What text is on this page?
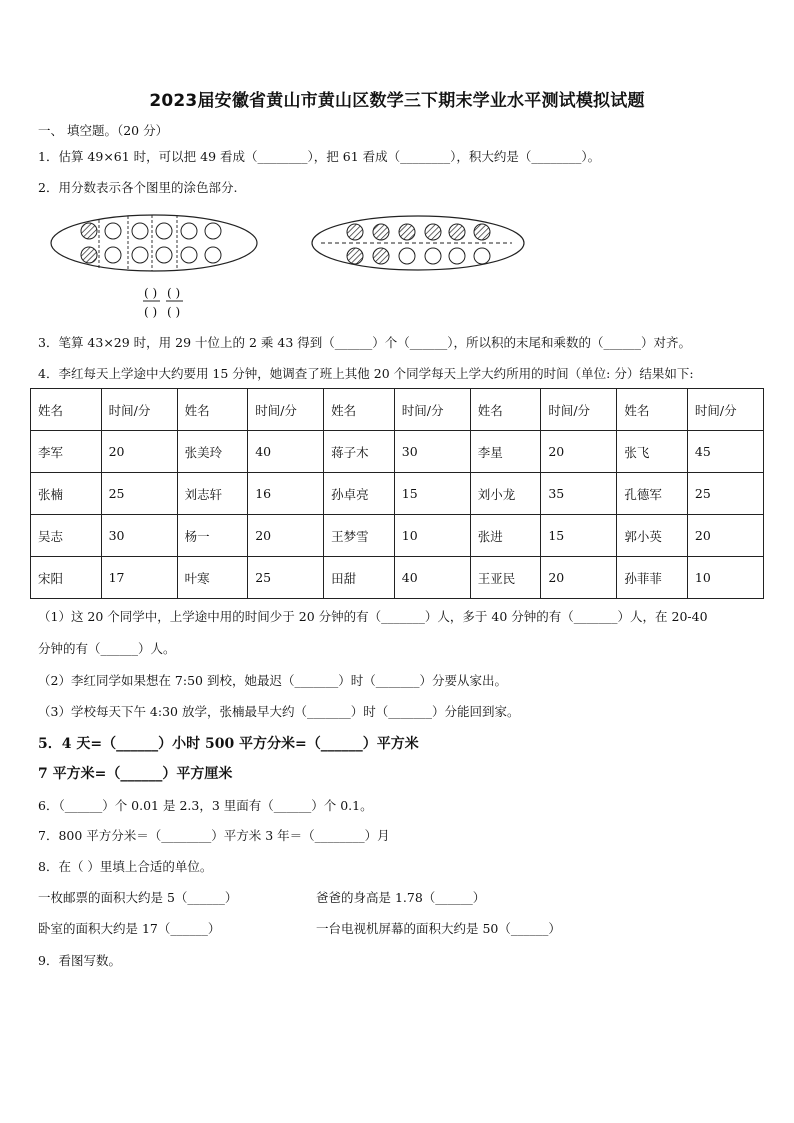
2023届安徽省黄山市黄山区数学三下期末学业水平测试模拟试题
一、 填空题。（20 分）
1．估算 49×61 时，可以把 49 看成（________），把 61 看成（________），积大约是（________）。
2．用分数表示各个图里的涂色部分.
( )
( )
( )
( )
3．笔算 43×29 时，用 29 十位上的 2 乘 43 得到（______）个（______），所以积的末尾和乘数的（______）对齐。
4．李红每天上学途中大约要用 15 分钟，她调查了班上其他 20 个同学每天上学大约所用的时间（单位: 分）结果如下:
姓名	时间/分	姓名	时间/分	姓名	时间/分	姓名	时间/分	姓名	时间/分
李军	20	张美玲	40	蒋子木	30	李星	20	张飞	45
张楠	25	刘志轩	16	孙卓亮	15	刘小龙	35	孔德军	25
吴志	30	杨一	20	王梦雪	10	张进	15	郭小英	20
宋阳	17	叶寒	25	田甜	40	王亚民	20	孙菲菲	10
（1）这 20 个同学中，上学途中用的时间少于 20 分钟的有（_______）人，多于 40 分钟的有（_______）人，在 20-40
分钟的有（______）人。
（2）李红同学如果想在 7:50 到校，她最迟（_______）时（_______）分要从家出。
（3）学校每天下午 4:30 放学，张楠最早大约（_______）时（_______）分能回到家。
5．4 天=（______）小时 500 平方分米=（______）平方米
7 平方米=（______）平方厘米
6．（______）个 0.01 是 2.3，3 里面有（______）个 0.1。
7．800 平方分米＝（________）平方米 3 年＝（________）月
8．在（ ）里填上合适的单位。
一枚邮票的面积大约是 5（______）	爸爸的身高是 1.78（______）
卧室的面积大约是 17（______）	一台电视机屏幕的面积大约是 50（______）
9．看图写数。
